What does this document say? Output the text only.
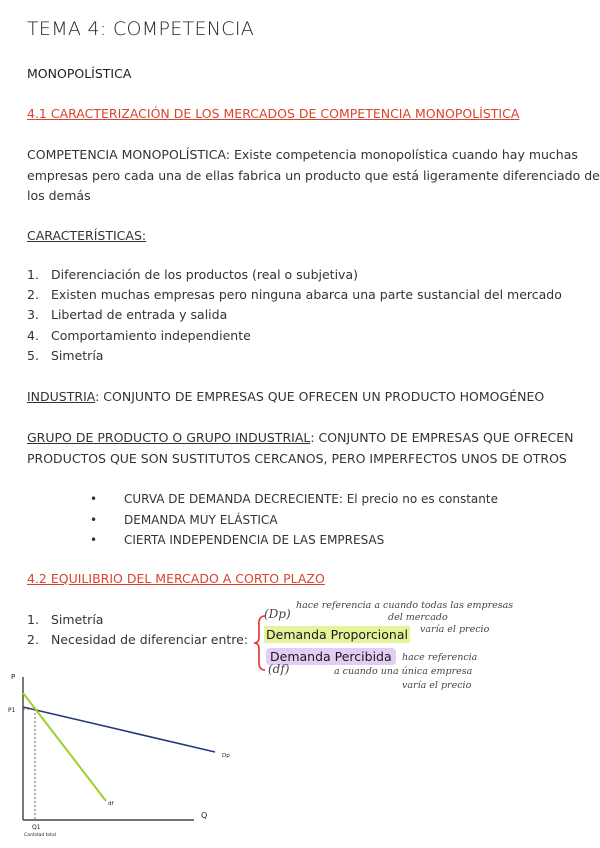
TEMA 4: COMPETENCIA
MONOPOLÍSTICA
4.1 CARACTERIZACIÓN DE LOS MERCADOS DE COMPETENCIA MONOPOLÍSTICA
COMPETENCIA MONOPOLÍSTICA: Existe competencia monopolística cuando hay muchas
empresas pero cada una de ellas fabrica un producto que está ligeramente diferenciado de
los demás
CARACTERÍSTICAS:
1. Diferenciación de los productos (real o subjetiva)
2. Existen muchas empresas pero ninguna abarca una parte sustancial del mercado
3. Libertad de entrada y salida
4. Comportamiento independiente
5. Simetría
INDUSTRIA: CONJUNTO DE EMPRESAS QUE OFRECEN UN PRODUCTO HOMOGÉNEO
GRUPO DE PRODUCTO O GRUPO INDUSTRIAL: CONJUNTO DE EMPRESAS QUE OFRECEN
PRODUCTOS QUE SON SUSTITUTOS CERCANOS, PERO IMPERFECTOS UNOS DE OTROS
• CURVA DE DEMANDA DECRECIENTE: El precio no es constante
• DEMANDA MUY ELÁSTICA
• CIERTA INDEPENDENCIA DE LAS EMPRESAS
4.2 EQUILIBRIO DEL MERCADO A CORTO PLAZO
1. Simetría
2. Necesidad de diferenciar entre:
(Dp)
Demanda Proporcional
Demanda Percibida
(df)
hace referencia a cuando todas las empresas
del mercado
varía el precio
hace referencia
a cuando una única empresa
varía el precio
P
P1
Q
Q1
Cantidad total
Dp
df
